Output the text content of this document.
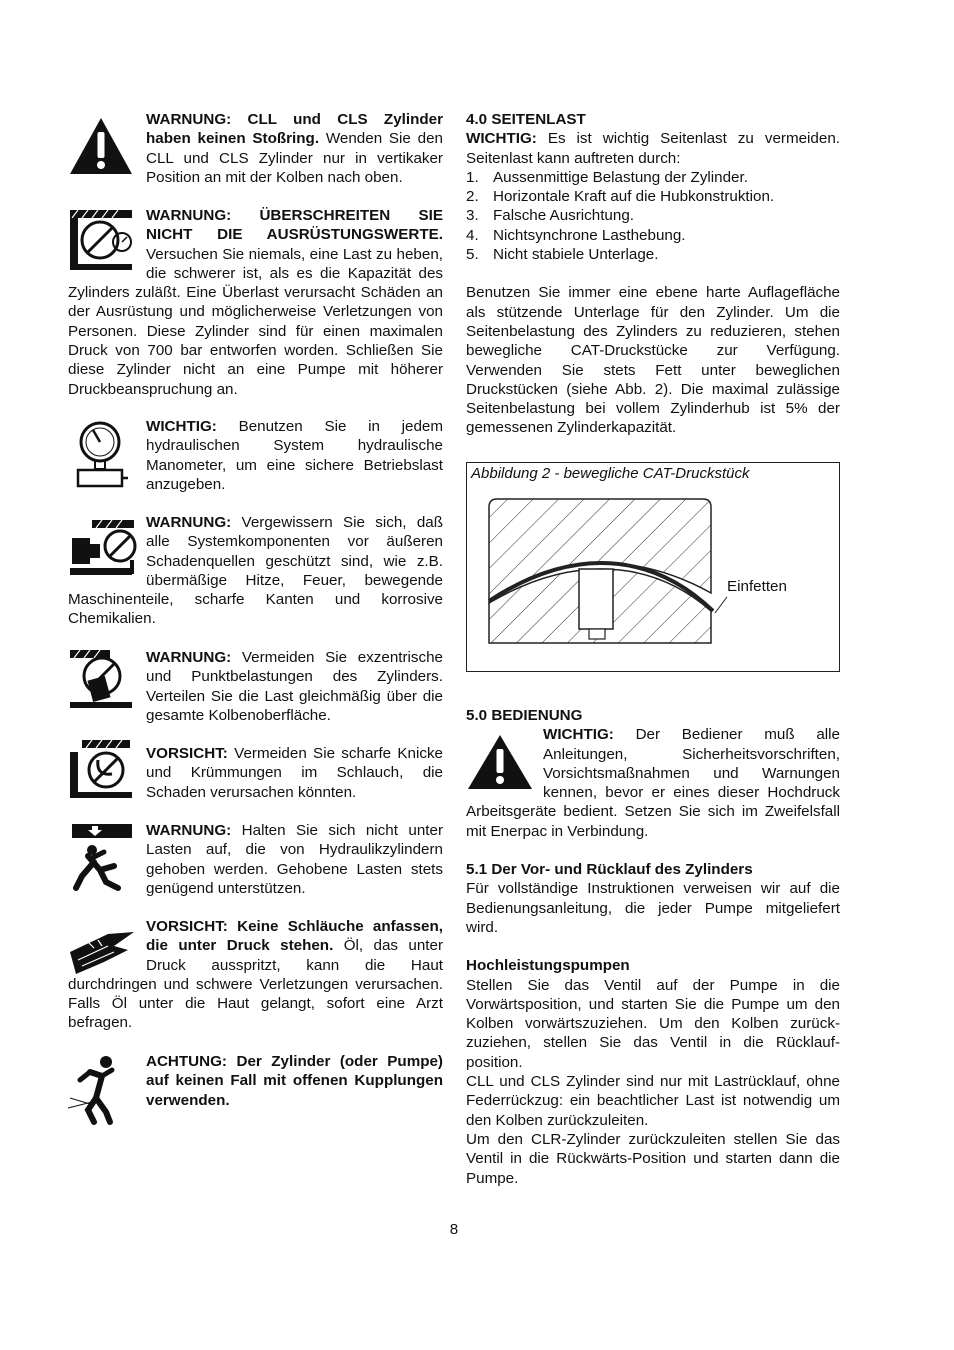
WARNUNG: CLL und CLS Zylinder haben keinen Stoßring. Wenden Sie den CLL und CLS Zylinder nur in vertikaker Position an mit der Kolben nach oben.
WARNUNG: ÜBERSCHREITEN SIE NICHT DIE AUSRÜSTUNGSWERTE. Versuchen Sie niemals, eine Last zu heben, die schwerer ist, als es die Kapazität des Zylinders zuläßt. Eine Überlast verursacht Schäden an der Ausrüstung und möglicherweise Verletzungen von Personen. Diese Zylinder sind für einen maximalen Druck von 700 bar entworfen worden. Schließen Sie diese Zylinder nicht an eine Pumpe mit höherer Druckbeanspruchung an.
WICHTIG: Benutzen Sie in jedem hydraulischen System hydraulische Manometer, um eine sichere Betriebslast anzugeben.
WARNUNG: Vergewissern Sie sich, daß alle Systemkomponenten vor äußeren Schadenquellen geschützt sind, wie z.B. übermäßige Hitze, Feuer, bewegende Maschinenteile, scharfe Kanten und korrosive Chemikalien.
WARNUNG: Vermeiden Sie exzentrische und Punktbelastungen des Zylinders. Verteilen Sie die Last gleichmäßig über die gesamte Kolbenoberfläche.
VORSICHT: Vermeiden Sie scharfe Knicke und Krümmungen im Schlauch, die Schaden verursachen könnten.
WARNUNG: Halten Sie sich nicht unter Lasten auf, die von Hydraulikzylindern gehoben werden. Gehobene Lasten stets genügend unterstützen.
VORSICHT: Keine Schläuche anfassen, die unter Druck stehen. Öl, das unter Druck ausspritzt, kann die Haut durchdringen und schwere Verletzungen verursachen. Falls Öl unter die Haut gelangt, sofort eine Arzt befragen.
ACHTUNG: Der Zylinder (oder Pumpe) auf keinen Fall mit offenen Kupplungen verwenden.

4.0 SEITENLAST

WICHTIG: Es ist wichtig Seitenlast zu vermeiden. Seitenlast kann auftreten durch:

1. Aussenmittige Belastung der Zylinder.
2. Horizontale Kraft auf die Hubkonstruktion.
3. Falsche Ausrichtung.
4. Nichtsynchrone Lasthebung.
5. Nicht stabiele Unterlage.

Benutzen Sie immer eine ebene harte Auflagefläche als stützende Unterlage für den Zylinder. Um die Seitenbelastung des Zylinders zu reduzieren, stehen bewegliche CAT-Druckstücke zur Verfügung. Verwenden Sie stets Fett unter beweglichen Druckstücken (siehe Abb. 2). Die maximal zulässige Seitenbelastung bei vollem Zylinderhub ist 5% der gemessenen Zylinderkapazität.

Abbildung 2 - bewegliche CAT-Druckstück
Einfetten

5.0 BEDIENUNG

WICHTIG: Der Bediener muß alle Anleitungen, Sicherheitsvorschriften, Vorsichtsmaßnahmen und Warnungen kennen, bevor er eines dieser Hochdruck Arbeitsgeräte bedient. Setzen Sie sich im Zweifelsfall mit Enerpac in Verbindung.

5.1 Der Vor- und Rücklauf des Zylinders

Für vollständige Instruktionen verweisen wir auf die Bedienungsanleitung, die jeder Pumpe mitgeliefert wird.

Hochleistungspumpen

Stellen Sie das Ventil auf der Pumpe in die Vorwärtsposition, und starten Sie die Pumpe um den Kolben vorwärtszuziehen. Um den Kolben zurück-zuziehen, stellen Sie das Ventil in die Rücklauf-position.

CLL und CLS Zylinder sind nur mit Lastrücklauf, ohne Federrückzug: ein beachtlicher Last ist notwendig um den Kolben zurückzuleiten.

Um den CLR-Zylinder zurückzuleiten stellen Sie das Ventil in die Rückwärts-Position und starten dann die Pumpe.

8
